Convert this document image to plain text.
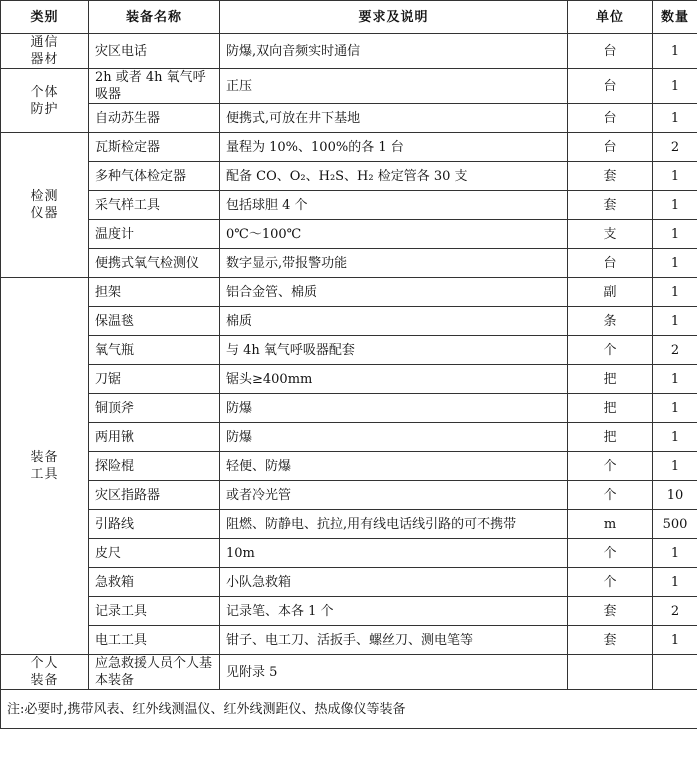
类别	装备名称	要求及说明	单位	数量

通信
器材	灾区电话	防爆,双向音频实时通信	台	1

个体
防护	2h 或者 4h 氧气呼吸器	正压	台	1
	自动苏生器	便携式,可放在井下基地	台	1

检测
仪器	瓦斯检定器	量程为 10%、100%的各 1 台	台	2
	多种气体检定器	配备 CO、O₂、H₂S、H₂ 检定管各 30 支	套	1
	采气样工具	包括球胆 4 个	套	1
	温度计	0℃～100℃	支	1
	便携式氧气检测仪	数字显示,带报警功能	台	1

装备
工具	担架	铝合金管、棉质	副	1
	保温毯	棉质	条	1
	氧气瓶	与 4h 氧气呼吸器配套	个	2
	刀锯	锯头≥400mm	把	1
	铜顶斧	防爆	把	1
	两用锹	防爆	把	1
	探险棍	轻便、防爆	个	1
	灾区指路器	或者冷光管	个	10
	引路线	阻燃、防静电、抗拉,用有线电话线引路的可不携带	m	500
	皮尺	10m	个	1
	急救箱	小队急救箱	个	1
	记录工具	记录笔、本各 1 个	套	2
	电工工具	钳子、电工刀、活扳手、螺丝刀、测电笔等	套	1

个人
装备	应急救援人员个人基本装备	见附录 5		
注:必要时,携带风表、红外线测温仪、红外线测距仪、热成像仪等装备				
